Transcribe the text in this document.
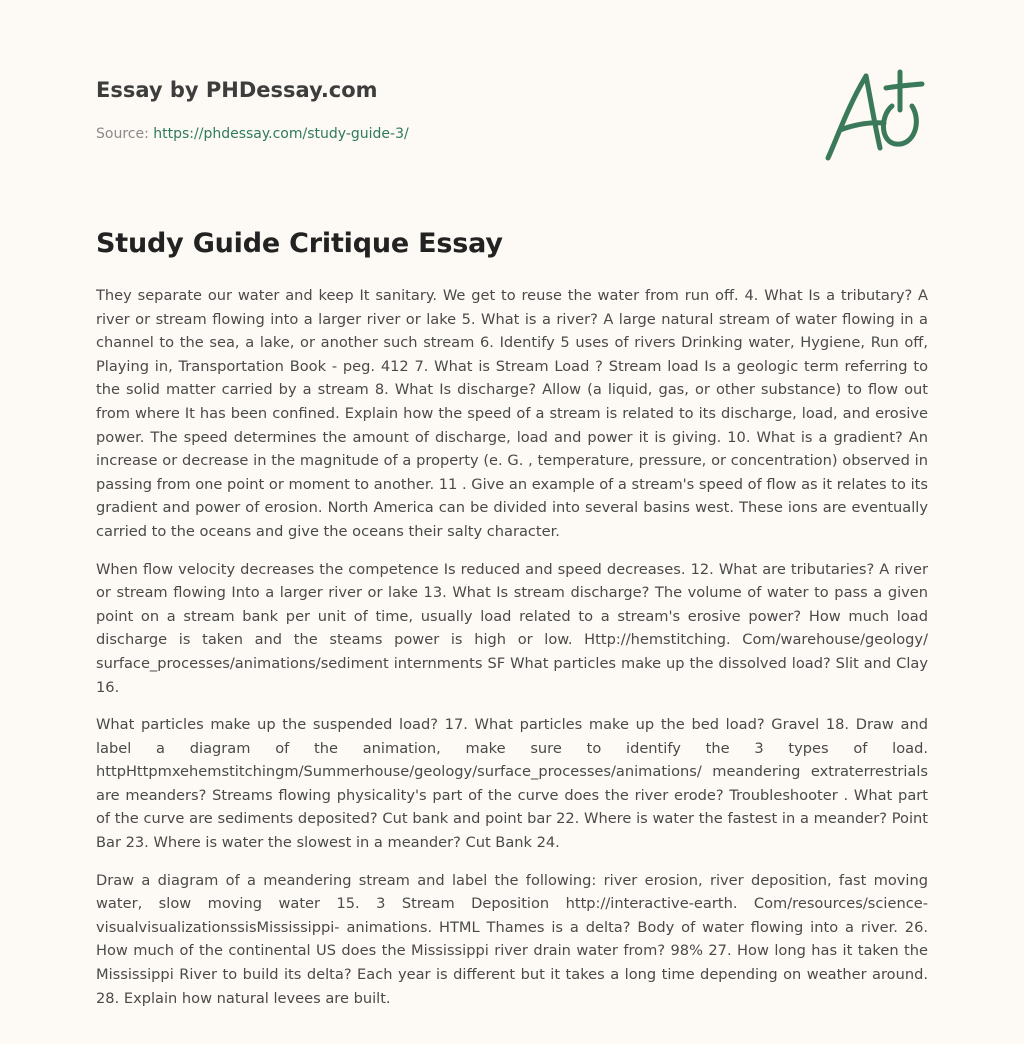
Essay by PHDessay.com
Source: https://phdessay.com/study-guide-3/
Study Guide Critique Essay

They separate our water and keep It sanitary. We get to reuse the water from run off. 4. What Is a tributary? A river or stream flowing into a larger river or lake 5. What is a river? A large natural stream of water flowing in a channel to the sea, a lake, or another such stream 6. Identify 5 uses of rivers Drinking water, Hygiene, Run off, Playing in, Transportation Book - peg. 412 7. What is Stream Load ? Stream load Is a geologic term referring to the solid matter carried by a stream 8. What Is discharge? Allow (a liquid, gas, or other substance) to flow out from where It has been confined. Explain how the speed of a stream is related to its discharge, load, and erosive power. The speed determines the amount of discharge, load and power it is giving. 10. What is a gradient? An increase or decrease in the magnitude of a property (e. G. , temperature, pressure, or concentration) observed in passing from one point or moment to another. 11 . Give an example of a stream's speed of flow as it relates to its gradient and power of erosion. North America can be divided into several basins west. These ions are eventually carried to the oceans and give the oceans their salty character.

When flow velocity decreases the competence Is reduced and speed decreases. 12. What are tributaries? A river or stream flowing Into a larger river or lake 13. What Is stream discharge? The volume of water to pass a given point on a stream bank per unit of time, usually load related to a stream's erosive power? How much load discharge is taken and the steams power is high or low. Http://hemstitching. Com/warehouse/geology/ surface_processes/animations/sediment internments SF What particles make up the dissolved load? Slit and Clay 16.

What particles make up the suspended load? 17. What particles make up the bed load? Gravel 18. Draw and label a diagram of the animation, make sure to identify the 3 types of load. httpHttpmxehemstitchingm/Summerhouse/geology/surface_processes/animations/ meandering extraterrestrials are meanders? Streams flowing physicality's part of the curve does the river erode? Troubleshooter . What part of the curve are sediments deposited? Cut bank and point bar 22. Where is water the fastest in a meander? Point Bar 23. Where is water the slowest in a meander? Cut Bank 24.

Draw a diagram of a meandering stream and label the following: river erosion, river deposition, fast moving water, slow moving water 15. 3 Stream Deposition http://interactive-earth. Com/resources/science-visualvisualizationssisMississippi- animations. HTML Thames is a delta? Body of water flowing into a river. 26. How much of the continental US does the Mississippi river drain water from? 98% 27. How long has it taken the Mississippi River to build its delta? Each year is different but it takes a long time depending on weather around. 28. Explain how natural levees are built.
